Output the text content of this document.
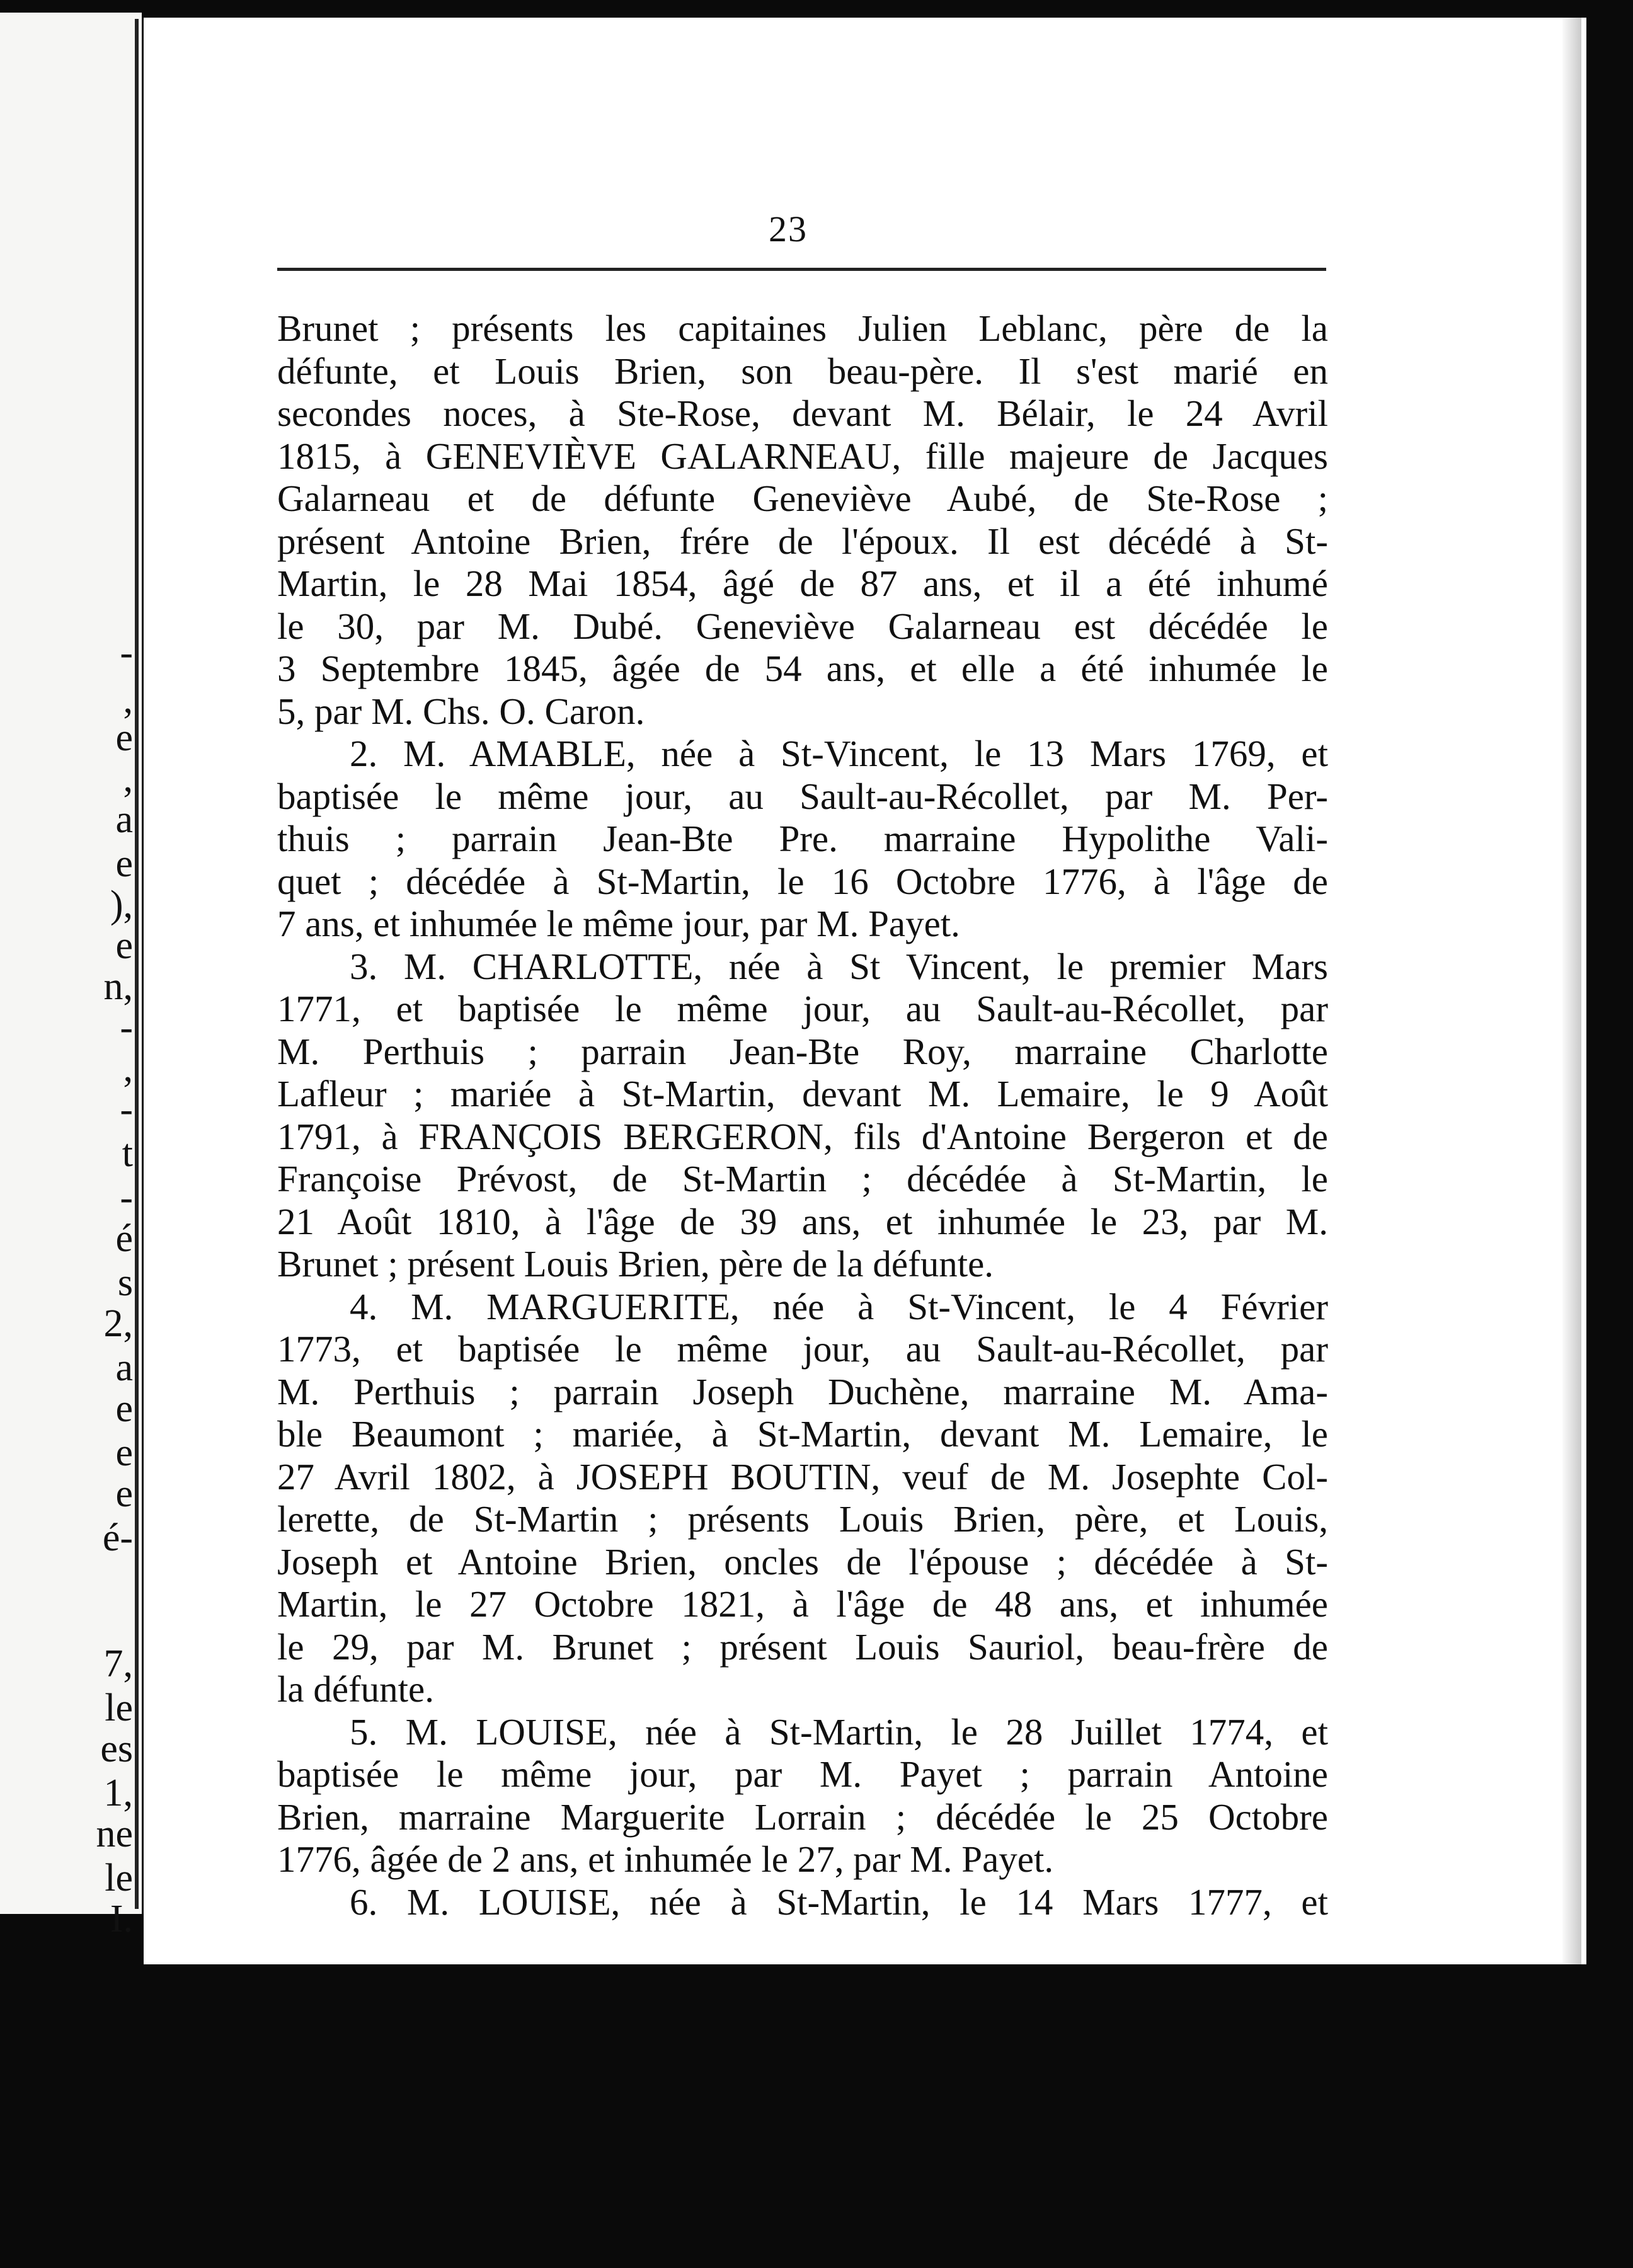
-
,
e
,
a
e
),
e
n,
-
,
-
t
-
é
s
2,
a
e
e
e
é-
7,
le
es
1,
ne
le
I.
23
Brunet ; présents les capitaines Julien Leblanc, père de la
défunte, et Louis Brien, son beau-père. Il s'est marié en
secondes noces, à Ste-Rose, devant M. Bélair, le 24 Avril
1815, à GENEVIÈVE GALARNEAU, fille majeure de Jacques
Galarneau et de défunte Geneviève Aubé, de Ste-Rose ;
présent Antoine Brien, frére de l'époux. Il est décédé à St-
Martin, le 28 Mai 1854, âgé de 87 ans, et il a été inhumé
le 30, par M. Dubé. Geneviève Galarneau est décédée le
3 Septembre 1845, âgée de 54 ans, et elle a été inhumée le
5, par M. Chs. O. Caron.
2. M. AMABLE, née à St-Vincent, le 13 Mars 1769, et
baptisée le même jour, au Sault-au-Récollet, par M. Per-
thuis ; parrain Jean-Bte Pre. marraine Hypolithe Vali-
quet ; décédée à St-Martin, le 16 Octobre 1776, à l'âge de
7 ans, et inhumée le même jour, par M. Payet.
3. M. CHARLOTTE, née à St Vincent, le premier Mars
1771, et baptisée le même jour, au Sault-au-Récollet, par
M. Perthuis ; parrain Jean-Bte Roy, marraine Charlotte
Lafleur ; mariée à St-Martin, devant M. Lemaire, le 9 Août
1791, à FRANÇOIS BERGERON, fils d'Antoine Bergeron et de
Françoise Prévost, de St-Martin ; décédée à St-Martin, le
21 Août 1810, à l'âge de 39 ans, et inhumée le 23, par M.
Brunet ; présent Louis Brien, père de la défunte.
4. M. MARGUERITE, née à St-Vincent, le 4 Février
1773, et baptisée le même jour, au Sault-au-Récollet, par
M. Perthuis ; parrain Joseph Duchène, marraine M. Ama-
ble Beaumont ; mariée, à St-Martin, devant M. Lemaire, le
27 Avril 1802, à JOSEPH BOUTIN, veuf de M. Josephte Col-
lerette, de St-Martin ; présents Louis Brien, père, et Louis,
Joseph et Antoine Brien, oncles de l'épouse ; décédée à St-
Martin, le 27 Octobre 1821, à l'âge de 48 ans, et inhumée
le 29, par M. Brunet ; présent Louis Sauriol, beau-frère de
la défunte.
5. M. LOUISE, née à St-Martin, le 28 Juillet 1774, et
baptisée le même jour, par M. Payet ; parrain Antoine
Brien, marraine Marguerite Lorrain ; décédée le 25 Octobre
1776, âgée de 2 ans, et inhumée le 27, par M. Payet.
6. M. LOUISE, née à St-Martin, le 14 Mars 1777, et
